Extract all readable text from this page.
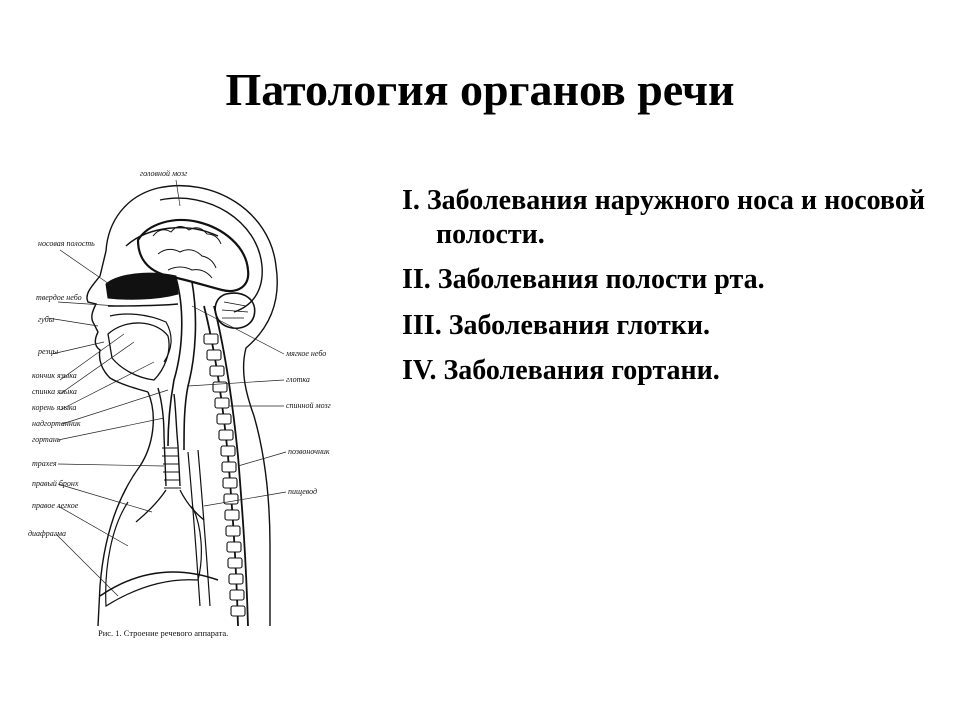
Патология органов речи
головной мозг
носовая полость
твердое небо
губы
резцы
кончик языка
спинка языка
корень языка
надгортанник
гортань
трахея
правый бронх
правое легкое
диафрагма
мягкое небо
глотка
спинной мозг
позвоночник
пищевод
Рис. 1. Строение речевого аппарата.
I. Заболевания наружного носа и носовой полости.
II. Заболевания полости рта.
III. Заболевания глотки.
IV. Заболевания гортани.
